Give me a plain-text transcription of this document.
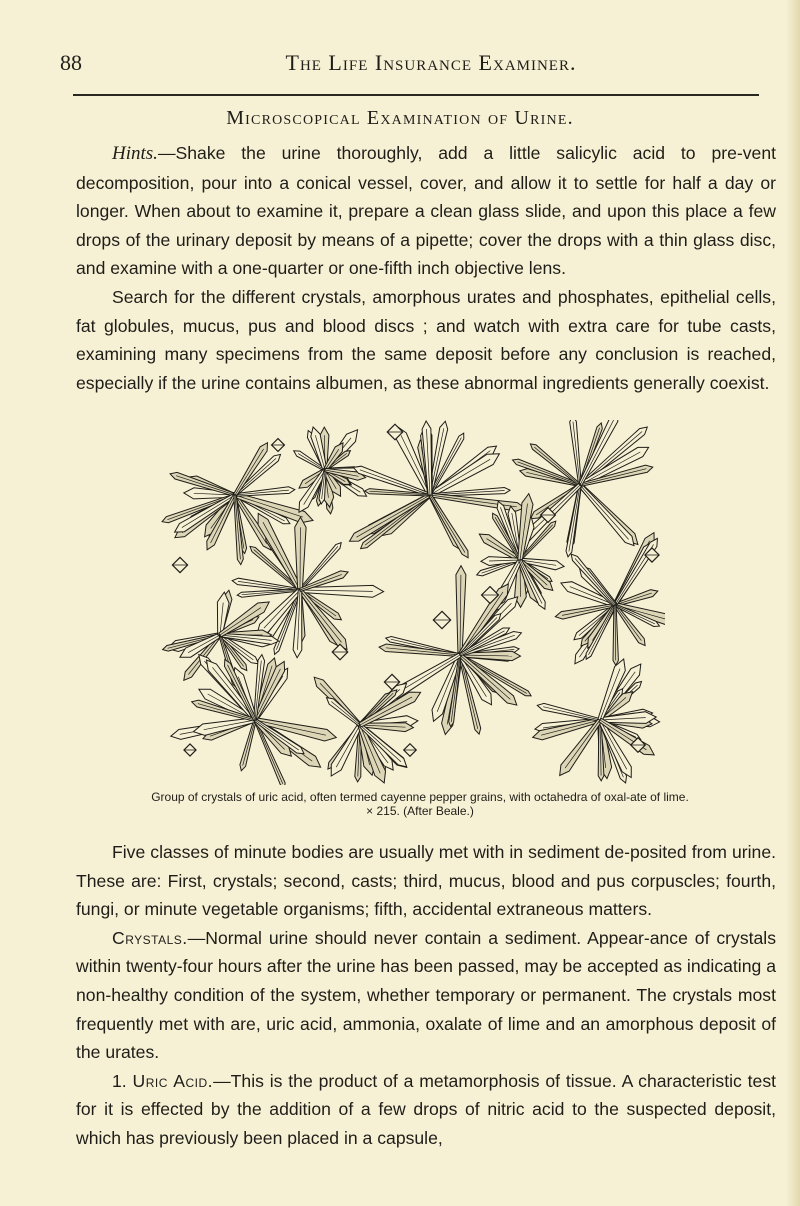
88	The Life Insurance Examiner.
Microscopical Examination of Urine.

Hints.—Shake the urine thoroughly, add a little salicylic acid to pre-vent decomposition, pour into a conical vessel, cover, and allow it to settle for half a day or longer. When about to examine it, prepare a clean glass slide, and upon this place a few drops of the urinary deposit by means of a pipette; cover the drops with a thin glass disc, and examine with a one-quarter or one-fifth inch objective lens.

Search for the different crystals, amorphous urates and phosphates, epithelial cells, fat globules, mucus, pus and blood discs ; and watch with extra care for tube casts, examining many specimens from the same deposit before any conclusion is reached, especially if the urine contains albumen, as these abnormal ingredients generally coexist.

Group of crystals of uric acid, often termed cayenne pepper grains, with octahedra of oxal-ate of lime. × 215. (After Beale.)

Five classes of minute bodies are usually met with in sediment de-posited from urine. These are: First, crystals; second, casts; third, mucus, blood and pus corpuscles; fourth, fungi, or minute vegetable organisms; fifth, accidental extraneous matters.

Crystals.—Normal urine should never contain a sediment. Appear-ance of crystals within twenty-four hours after the urine has been passed, may be accepted as indicating a non-healthy condition of the system, whether temporary or permanent. The crystals most frequently met with are, uric acid, ammonia, oxalate of lime and an amorphous deposit of the urates.

1. Uric Acid.—This is the product of a metamorphosis of tissue. A characteristic test for it is effected by the addition of a few drops of nitric acid to the suspected deposit, which has previously been placed in a capsule,
